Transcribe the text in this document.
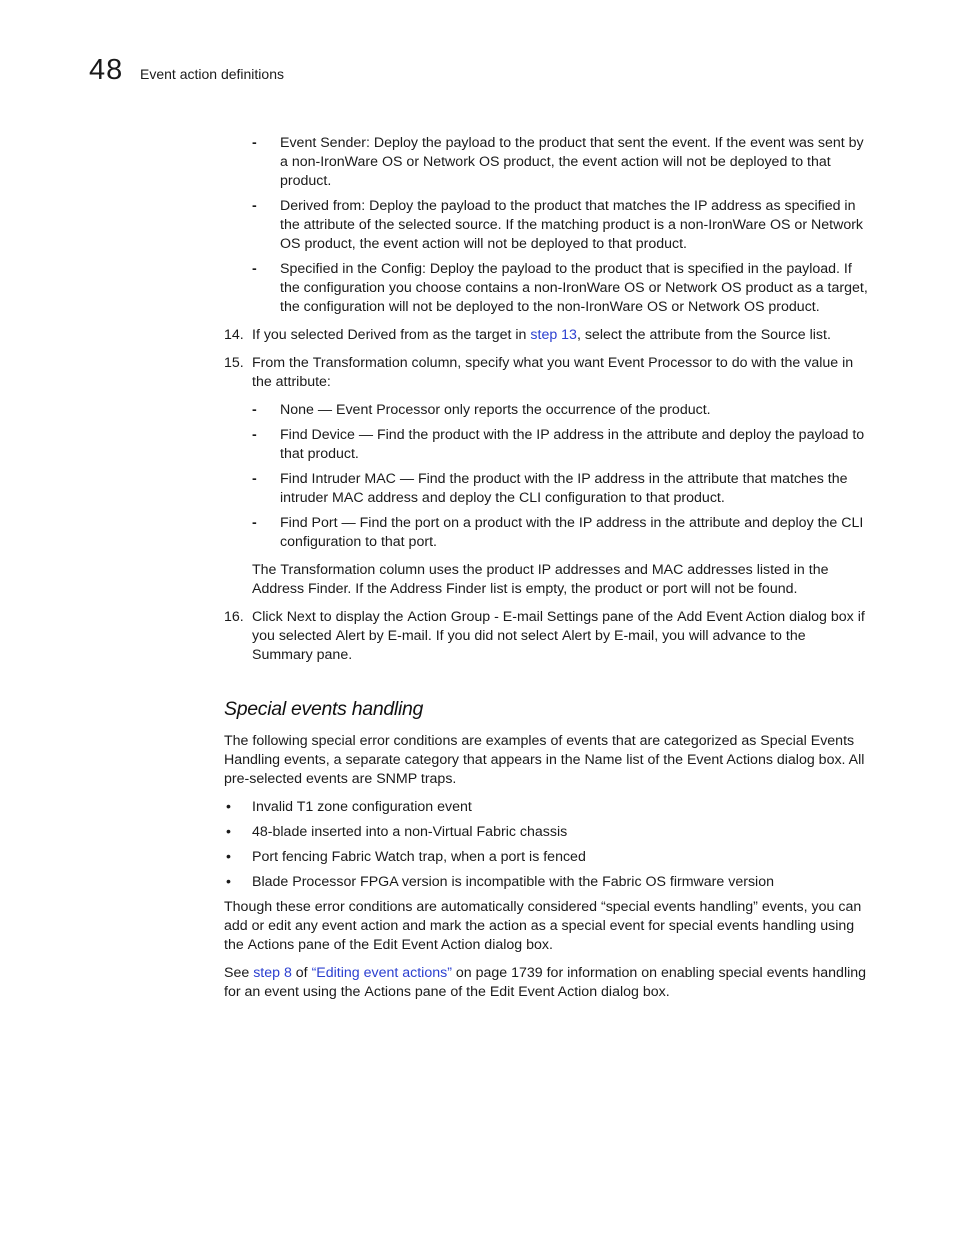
48 Event action definitions
- Event Sender: Deploy the payload to the product that sent the event. If the event was sent by a non-IronWare OS or Network OS product, the event action will not be deployed to that product.
- Derived from: Deploy the payload to the product that matches the IP address as specified in the attribute of the selected source. If the matching product is a non-IronWare OS or Network OS product, the event action will not be deployed to that product.
- Specified in the Config: Deploy the payload to the product that is specified in the payload. If the configuration you choose contains a non-IronWare OS or Network OS product as a target, the configuration will not be deployed to the non-IronWare OS or Network OS product.
14. If you selected Derived from as the target in step 13, select the attribute from the Source list.
15. From the Transformation column, specify what you want Event Processor to do with the value in the attribute:
- None — Event Processor only reports the occurrence of the product.
- Find Device — Find the product with the IP address in the attribute and deploy the payload to that product.
- Find Intruder MAC — Find the product with the IP address in the attribute that matches the intruder MAC address and deploy the CLI configuration to that product.
- Find Port — Find the port on a product with the IP address in the attribute and deploy the CLI configuration to that port.

The Transformation column uses the product IP addresses and MAC addresses listed in the Address Finder. If the Address Finder list is empty, the product or port will not be found.

16. Click Next to display the Action Group - E-mail Settings pane of the Add Event Action dialog box if you selected Alert by E-mail. If you did not select Alert by E-mail, you will advance to the Summary pane.
Special events handling

The following special error conditions are examples of events that are categorized as Special Events Handling events, a separate category that appears in the Name list of the Event Actions dialog box. All pre-selected events are SNMP traps.

• Invalid T1 zone configuration event
• 48-blade inserted into a non-Virtual Fabric chassis
• Port fencing Fabric Watch trap, when a port is fenced
• Blade Processor FPGA version is incompatible with the Fabric OS firmware version

Though these error conditions are automatically considered “special events handling” events, you can add or edit any event action and mark the action as a special event for special events handling using the Actions pane of the Edit Event Action dialog box.

See step 8 of “Editing event actions” on page 1739 for information on enabling special events handling for an event using the Actions pane of the Edit Event Action dialog box.
